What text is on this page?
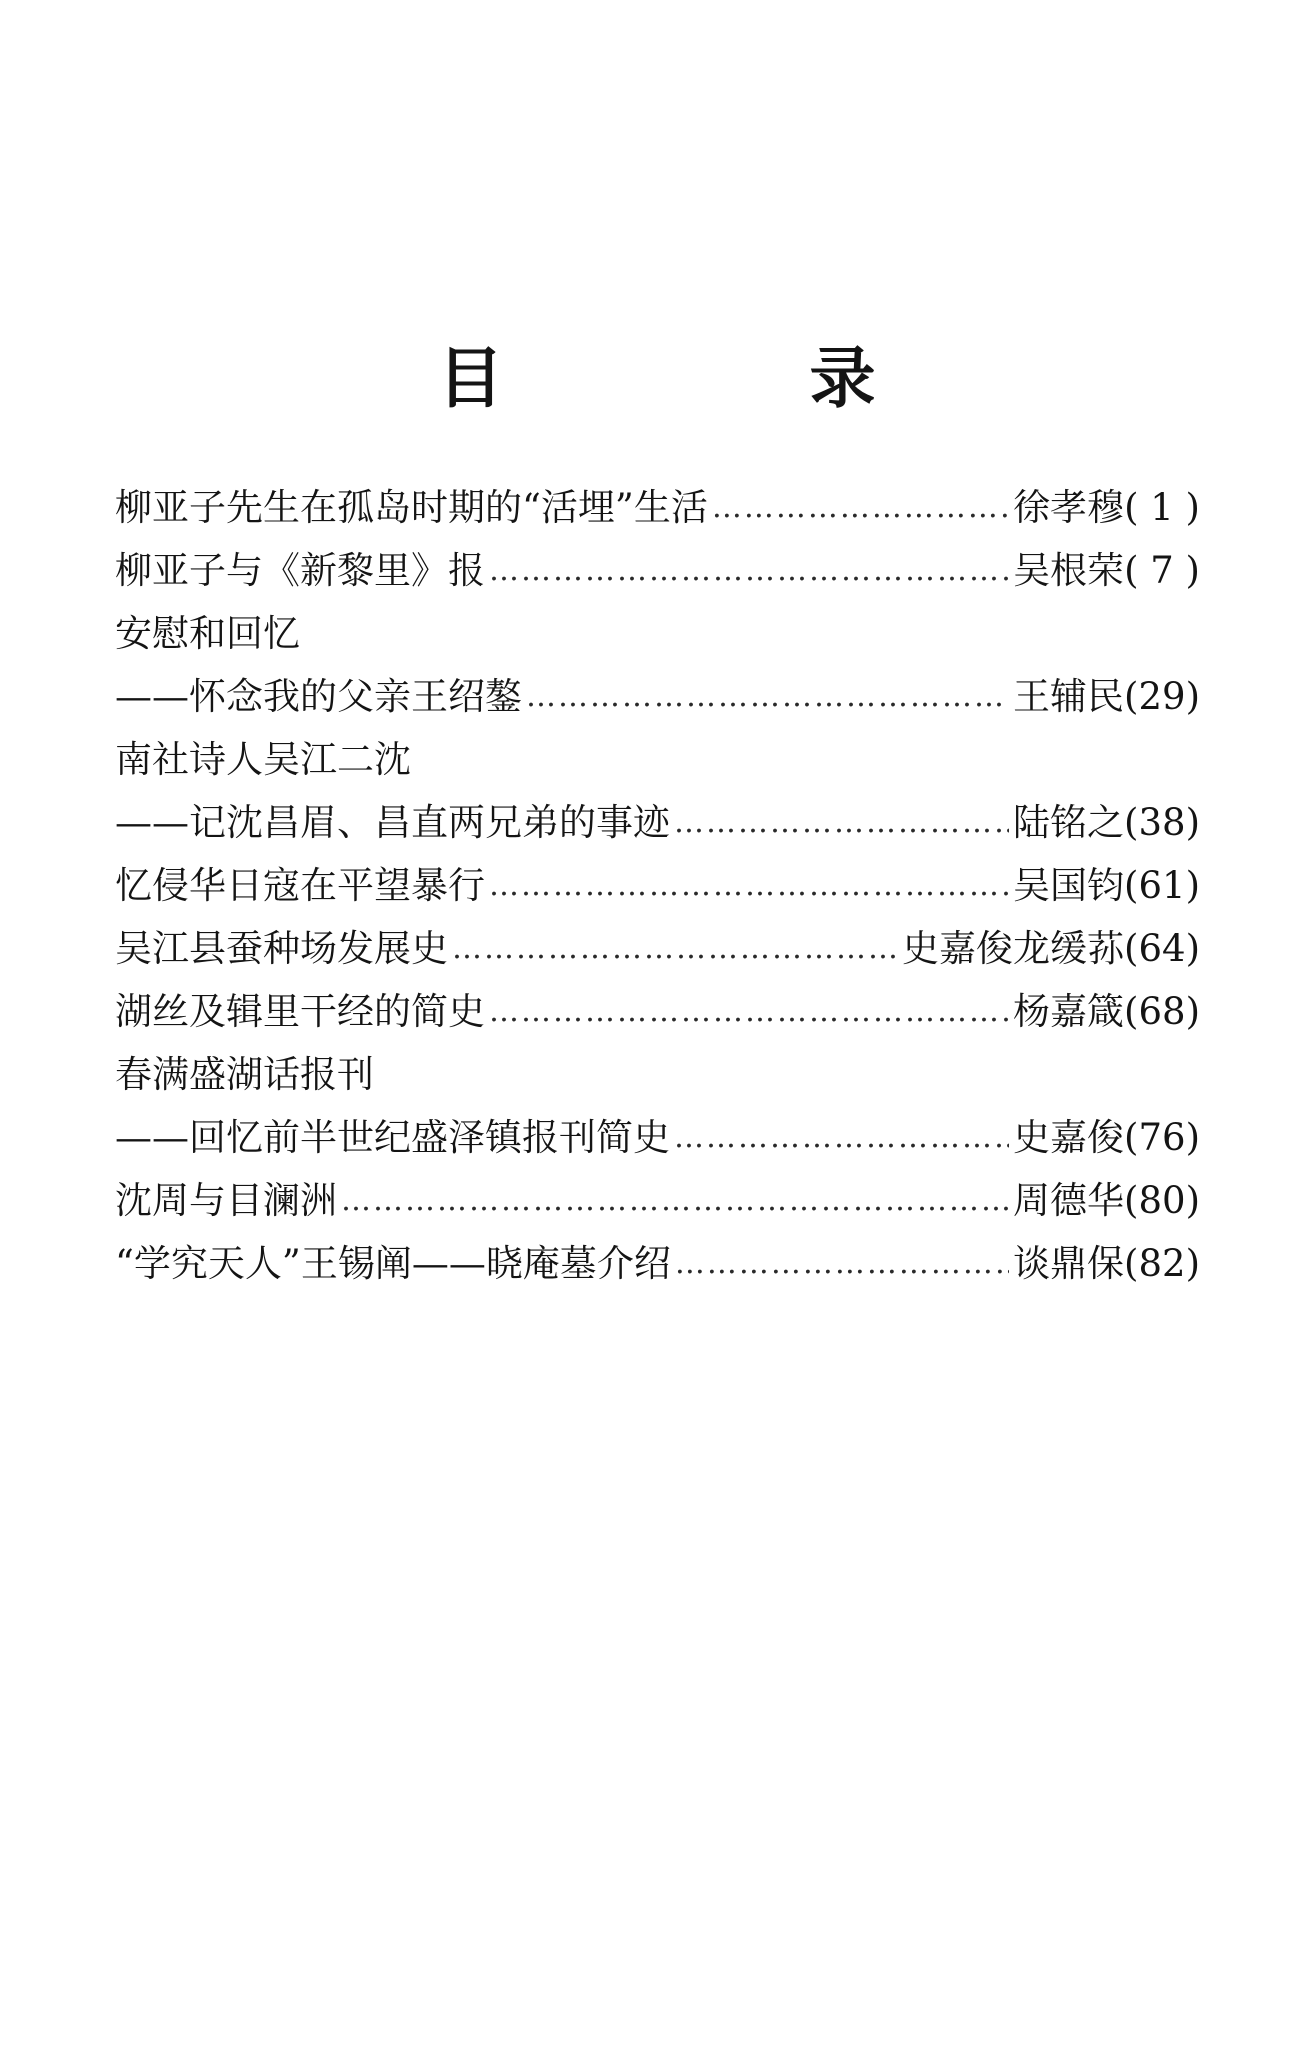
目　录
柳亚子先生在孤岛时期的“活埋”生活 ……………………………………………………………………………………………………………………	徐孝穆( 1 )
柳亚子与《新黎里》报 ……………………………………………………………………………………………………………………	吴根荣( 7 )
安慰和回忆
——怀念我的父亲王绍鏊 ……………………………………………………………………………………………………………………	王辅民(29)
南社诗人吴江二沈
——记沈昌眉、昌直两兄弟的事迹 ……………………………………………………………………………………………………………………	陆铭之(38)
忆侵华日寇在平望暴行 ……………………………………………………………………………………………………………………	吴国钧(61)
吴江县蚕种场发展史 ……………………………………………………………………………………………………………………	史嘉俊龙缓荪(64)
湖丝及辑里干经的简史 ……………………………………………………………………………………………………………………	杨嘉箴(68)
春满盛湖话报刊
——回忆前半世纪盛泽镇报刊简史 ……………………………………………………………………………………………………………………	史嘉俊(76)
沈周与目澜洲 ……………………………………………………………………………………………………………………	周德华(80)
“学究天人”王锡阐——晓庵墓介绍 ……………………………………………………………………………………………………………………	谈鼎保(82)
